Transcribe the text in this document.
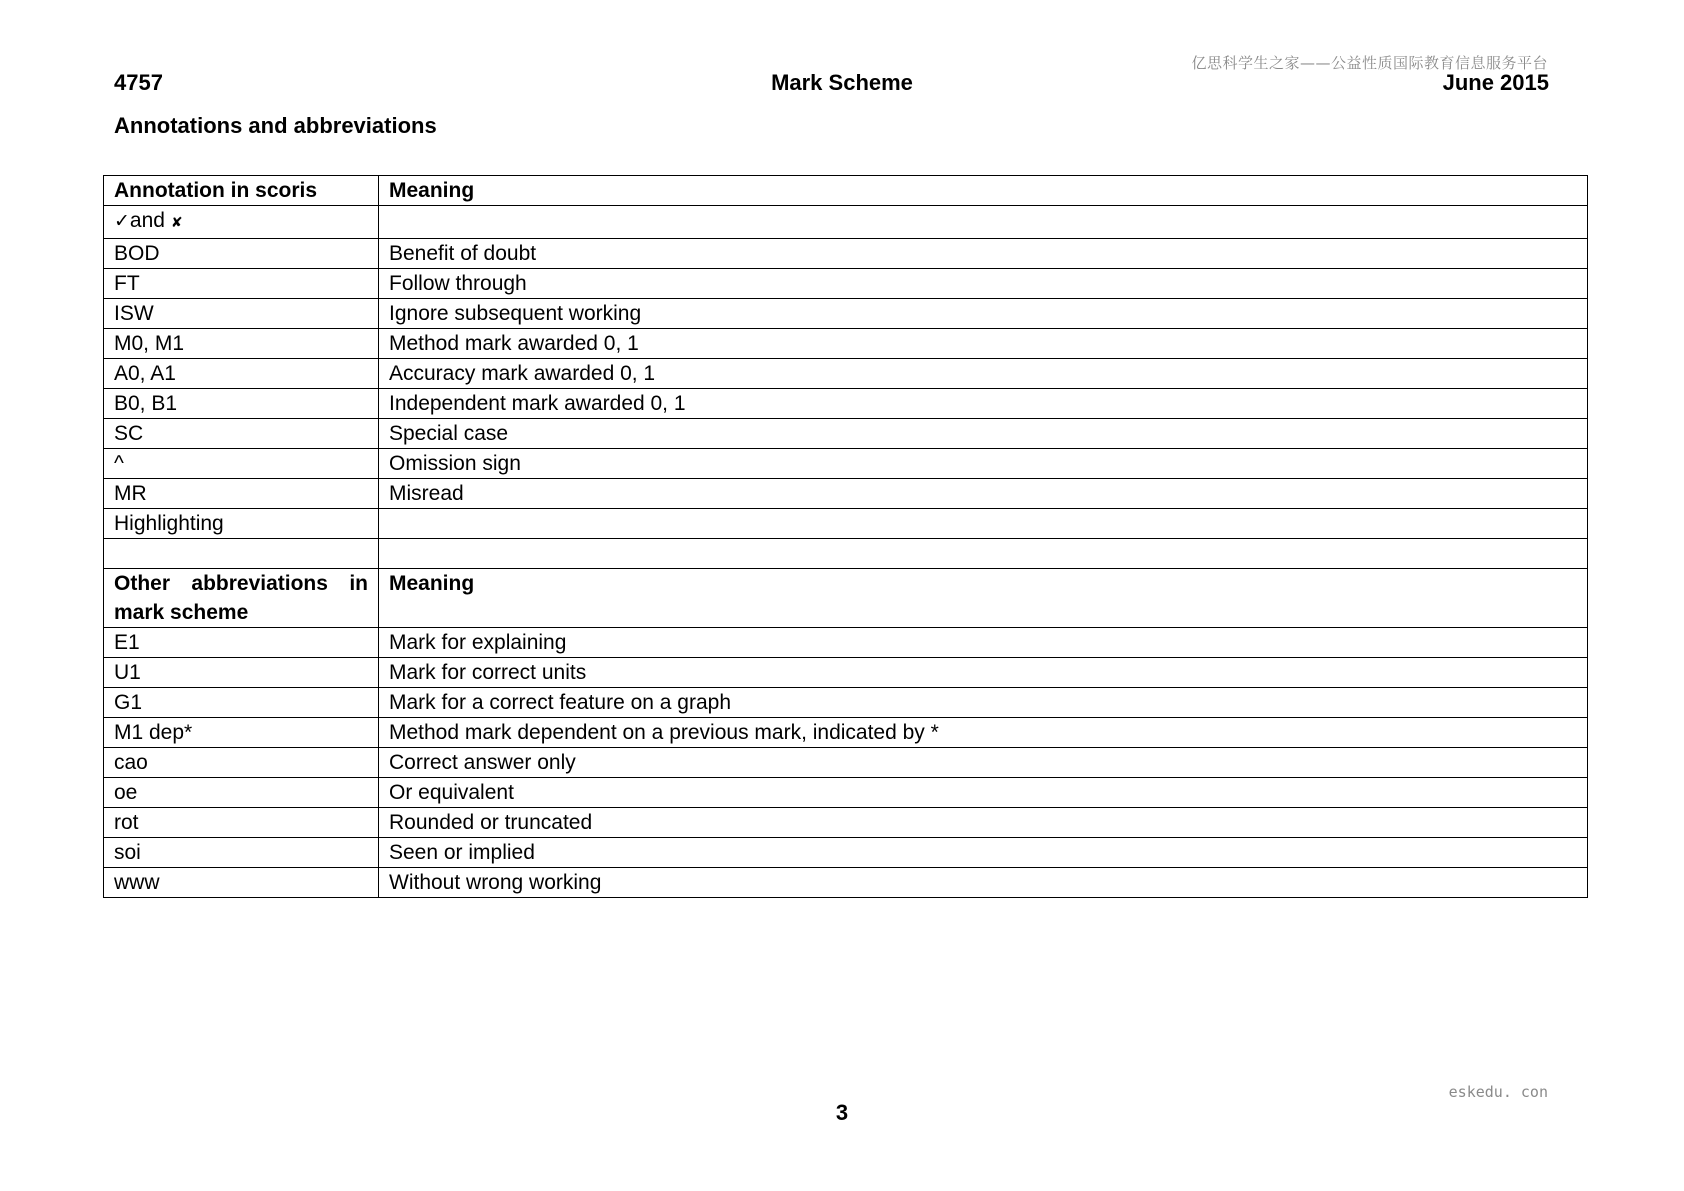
亿思科学生之家——公益性质国际教育信息服务平台
4757	Mark Scheme	June 2015
Annotations and abbreviations
Annotation in scoris	Meaning
✓and ✘	
BOD	Benefit of doubt
FT	Follow through
ISW	Ignore subsequent working
M0, M1	Method mark awarded 0, 1
A0, A1	Accuracy mark awarded 0, 1
B0, B1	Independent mark awarded 0, 1
SC	Special case
^	Omission sign
MR	Misread
Highlighting	

Other abbreviations in mark scheme	Meaning
E1	Mark for explaining
U1	Mark for correct units
G1	Mark for a correct feature on a graph
M1 dep*	Method mark dependent on a previous mark, indicated by *
cao	Correct answer only
oe	Or equivalent
rot	Rounded or truncated
soi	Seen or implied
www	Without wrong working
3
eskedu. con
